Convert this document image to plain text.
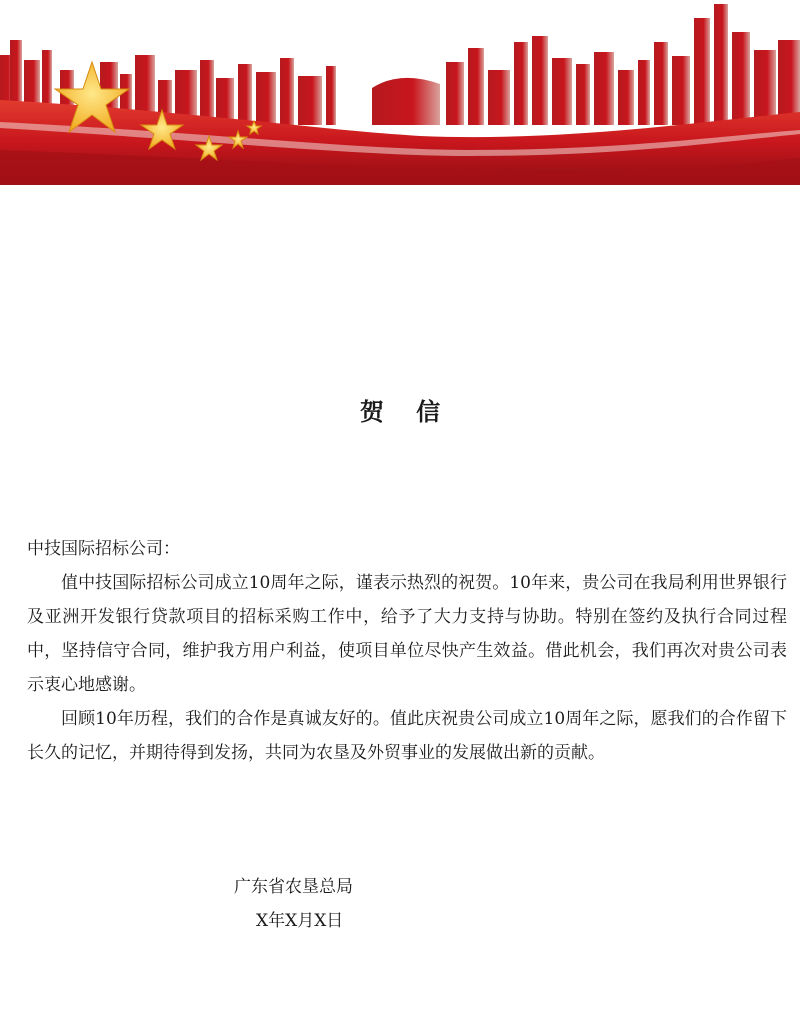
贺 信

中技国际招标公司：

值中技国际招标公司成立10周年之际，谨表示热烈的祝贺。10年来，贵公司在我局利用世界银行及亚洲开发银行贷款项目的招标采购工作中，给予了大力支持与协助。特别在签约及执行合同过程中，坚持信守合同，维护我方用户利益，使项目单位尽快产生效益。借此机会，我们再次对贵公司表示衷心地感谢。

回顾10年历程，我们的合作是真诚友好的。值此庆祝贵公司成立10周年之际，愿我们的合作留下长久的记忆，并期待得到发扬，共同为农垦及外贸事业的发展做出新的贡献。

广东省农垦总局
X年X月X日
